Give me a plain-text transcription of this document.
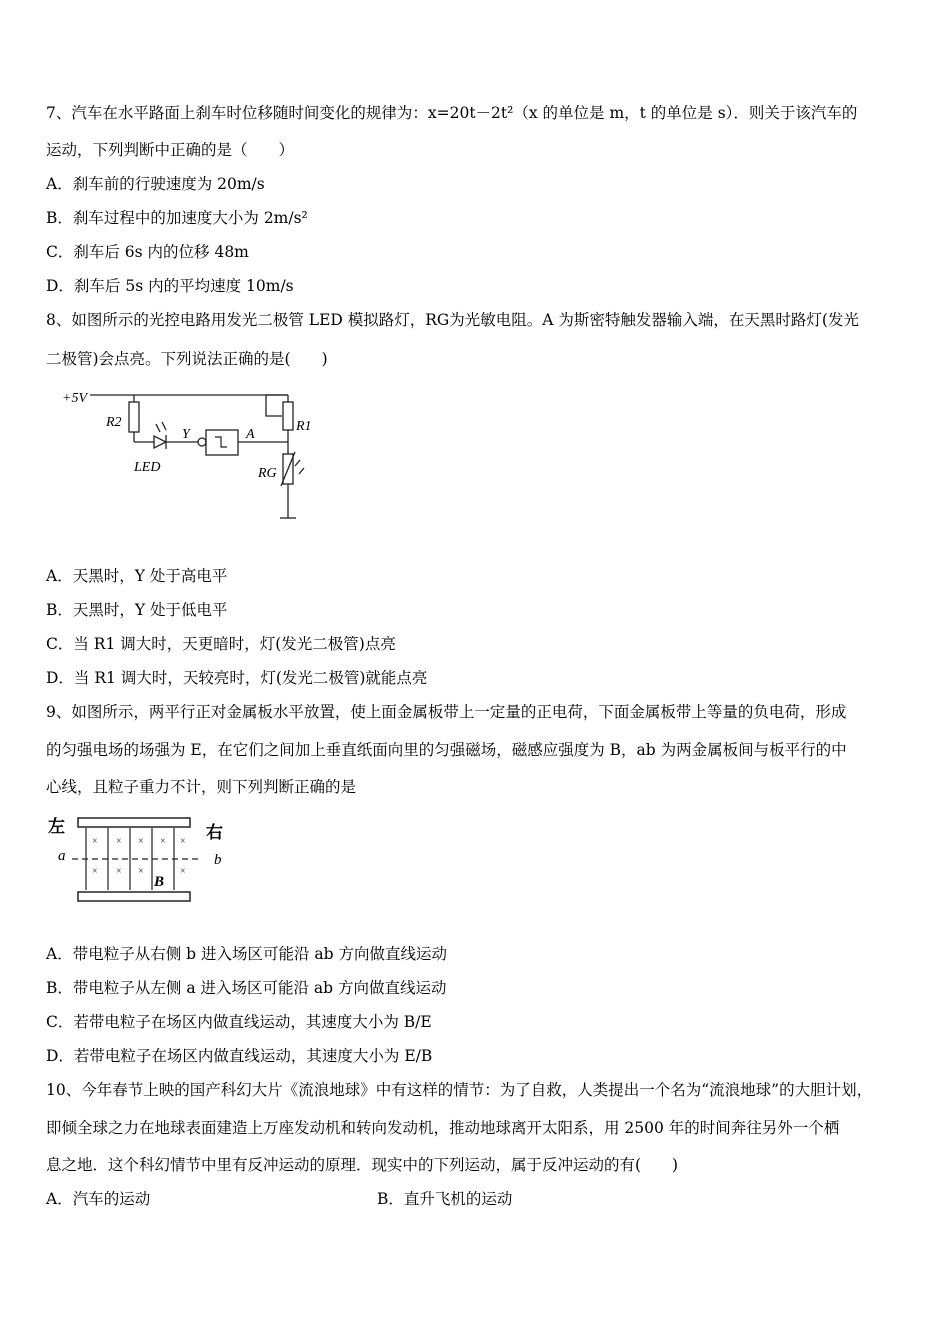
7、汽车在水平路面上刹车时位移随时间变化的规律为：x=20t－2t²（x 的单位是 m，t 的单位是 s）．则关于该汽车的
运动，下列判断中正确的是（　　）
A．刹车前的行驶速度为 20m/s
B．刹车过程中的加速度大小为 2m/s²
C．刹车后 6s 内的位移 48m
D．刹车后 5s 内的平均速度 10m/s
8、如图所示的光控电路用发光二极管 LED 模拟路灯，RG为光敏电阻。A 为斯密特触发器输入端，在天黑时路灯(发光
二极管)会点亮。下列说法正确的是(　　)
+5V
R2
LED
Y	A
R1
RG
A．天黑时，Y 处于高电平
B．天黑时，Y 处于低电平
C．当 R1 调大时，天更暗时，灯(发光二极管)点亮
D．当 R1 调大时，天较亮时，灯(发光二极管)就能点亮
9、如图所示，两平行正对金属板水平放置，使上面金属板带上一定量的正电荷，下面金属板带上等量的负电荷，形成
的匀强电场的场强为 E，在它们之间加上垂直纸面向里的匀强磁场，磁感应强度为 B，ab 为两金属板间与板平行的中
心线，且粒子重力不计，则下列判断正确的是
× × × × ×
× × ×	×
左	右
a	b
B
A．带电粒子从右侧 b 进入场区可能沿 ab 方向做直线运动
B．带电粒子从左侧 a 进入场区可能沿 ab 方向做直线运动
C．若带电粒子在场区内做直线运动，其速度大小为 B/E
D．若带电粒子在场区内做直线运动，其速度大小为 E/B
10、今年春节上映的国产科幻大片《流浪地球》中有这样的情节：为了自救，人类提出一个名为“流浪地球”的大胆计划，
即倾全球之力在地球表面建造上万座发动机和转向发动机，推动地球离开太阳系，用 2500 年的时间奔往另外一个栖
息之地．这个科幻情节中里有反冲运动的原理．现实中的下列运动，属于反冲运动的有(　　)
A．汽车的运动	B．直升飞机的运动
